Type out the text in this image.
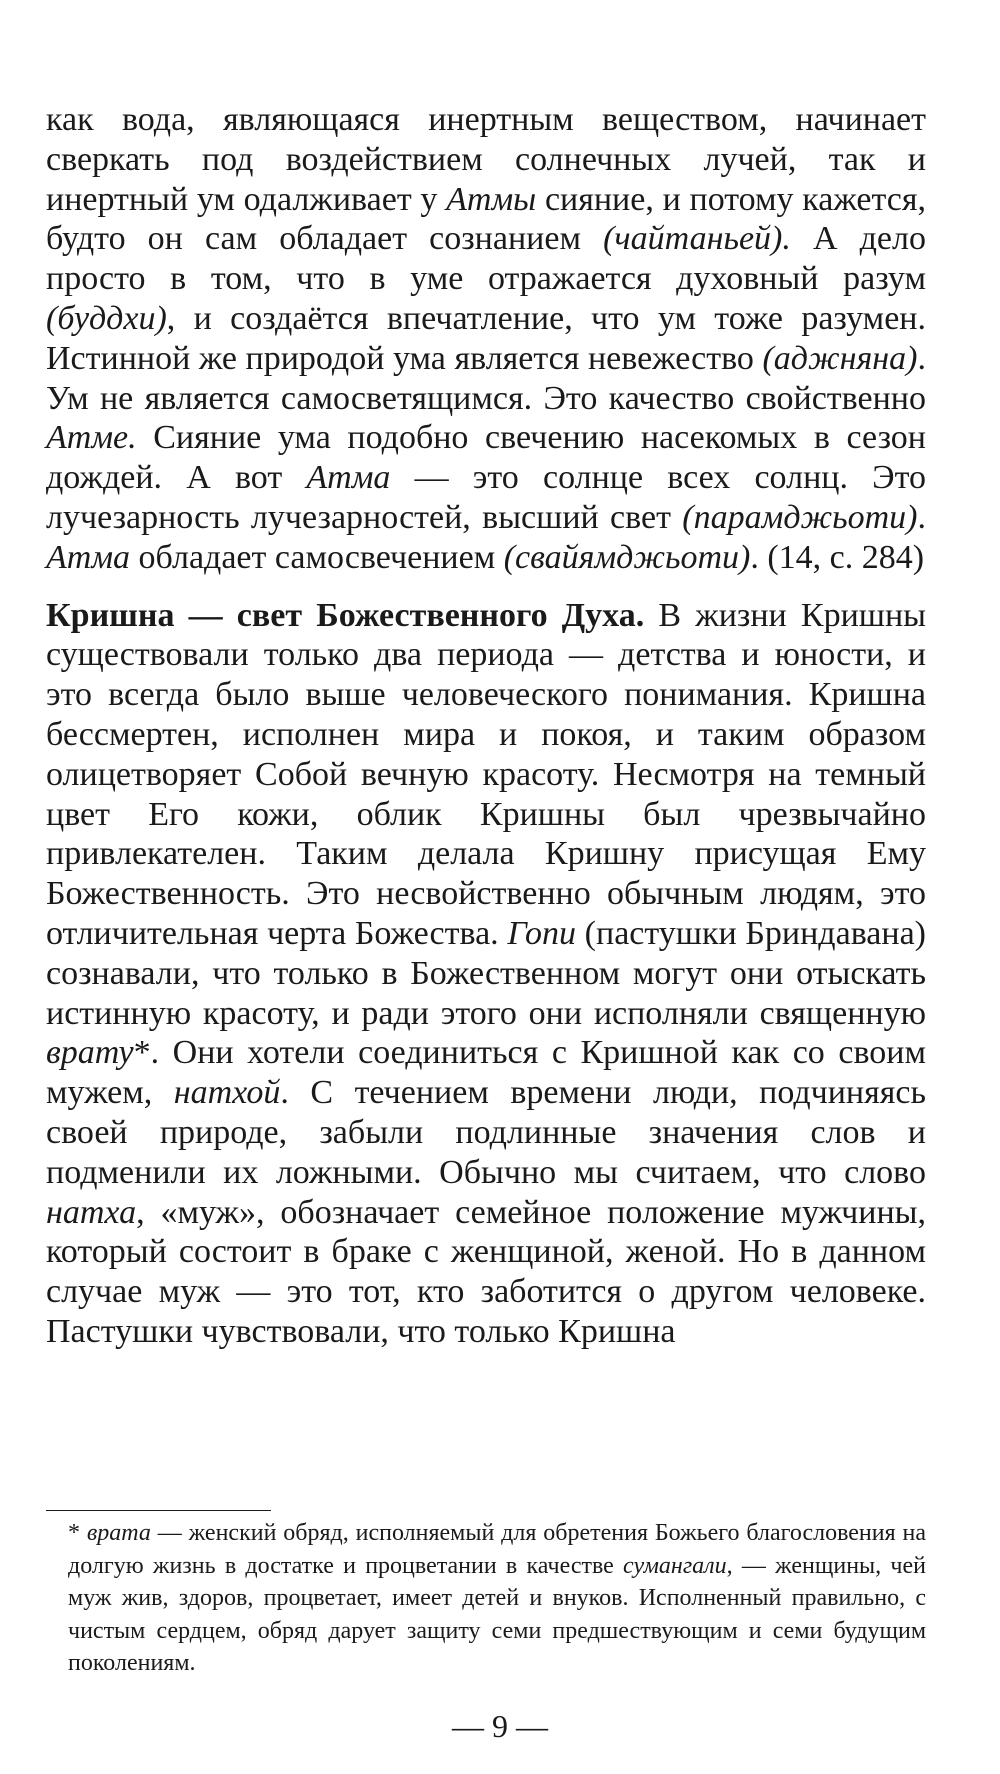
как вода, являющаяся инертным веществом, начинает сверкать под воздействием солнечных лучей, так и инертный ум одалживает у Атмы сияние, и потому кажется, будто он сам обладает сознанием (чайтаньей). А дело просто в том, что в уме отражается духовный разум (буддхи), и создаётся впечатление, что ум тоже разумен. Истинной же природой ума является невежество (аджняна). Ум не является самосветящимся. Это качество свойственно Атме. Сияние ума подобно свечению насекомых в сезон дождей. А вот Атма — это солнце всех солнц. Это лучезарность лучезарностей, высший свет (парамджьоти). Атма обладает самосвечением (свайямджьоти). (14, с. 284)

Кришна — свет Божественного Духа. В жизни Кришны существовали только два периода — детства и юности, и это всегда было выше человеческого понимания. Кришна бессмертен, исполнен мира и покоя, и таким образом олицетворяет Собой вечную красоту. Несмотря на темный цвет Его кожи, облик Кришны был чрезвычайно привлекателен. Таким делала Кришну присущая Ему Божественность. Это несвойственно обычным людям, это отличительная черта Божества. Гопи (пастушки Бриндавана) сознавали, что только в Божественном могут они отыскать истинную красоту, и ради этого они исполняли священную врату*. Они хотели соединиться с Кришной как со своим мужем, натхой. С течением времени люди, подчиняясь своей природе, забыли подлинные значения слов и подменили их ложными. Обычно мы считаем, что слово натха, «муж», обозначает семейное положение мужчины, который состоит в браке с женщиной, женой. Но в данном случае муж — это тот, кто заботится о другом человеке. Пастушки чувствовали, что только Кришна

* врата — женский обряд, исполняемый для обретения Божьего благословения на долгую жизнь в достатке и процветании в качестве сумангали, — женщины, чей муж жив, здоров, процветает, имеет детей и внуков. Исполненный правильно, с чистым сердцем, обряд дарует защиту семи предшествующим и семи будущим поколениям.

— 9 —
